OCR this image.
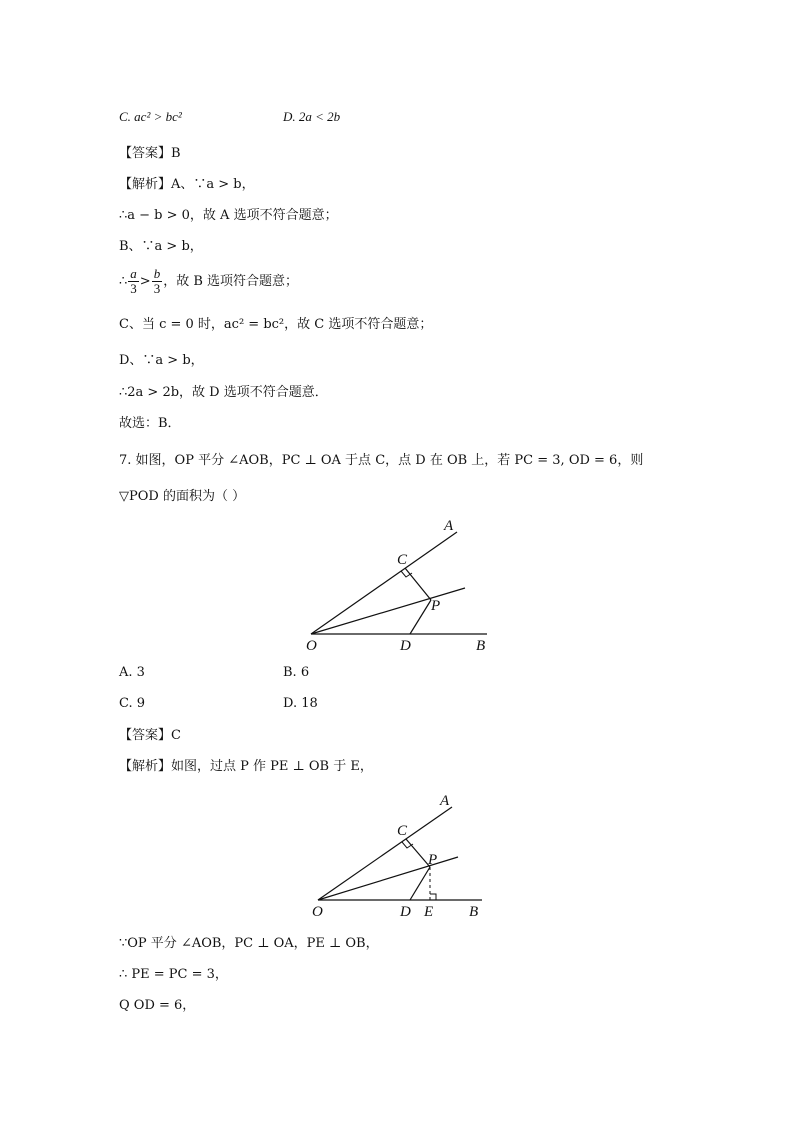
C. ac² > bc²	D. 2a < 2b
【答案】B
【解析】A、∵a > b，
∴a − b > 0，故 A 选项不符合题意；
B、∵a > b，
∴ $\frac{a}{3} > \frac{b}{3}$ ，故 B 选项符合题意；
C、当 c = 0 时，ac² = bc²，故 C 选项不符合题意；
D、∵a > b，
∴2a > 2b，故 D 选项不符合题意．
故选：B．
7. 如图，OP 平分 ∠AOB，PC ⊥ OA 于点 C，点 D 在 OB 上，若 PC = 3, OD = 6，则
▽POD 的面积为（ ）
A
C
P
O	D	B
A. 3	B. 6
C. 9	D. 18
【答案】C
【解析】如图，过点 P 作 PE ⊥ OB 于 E，
A
C
P
O	D E B
∵OP 平分 ∠AOB，PC ⊥ OA，PE ⊥ OB，
∴ PE = PC = 3，
Q OD = 6，
